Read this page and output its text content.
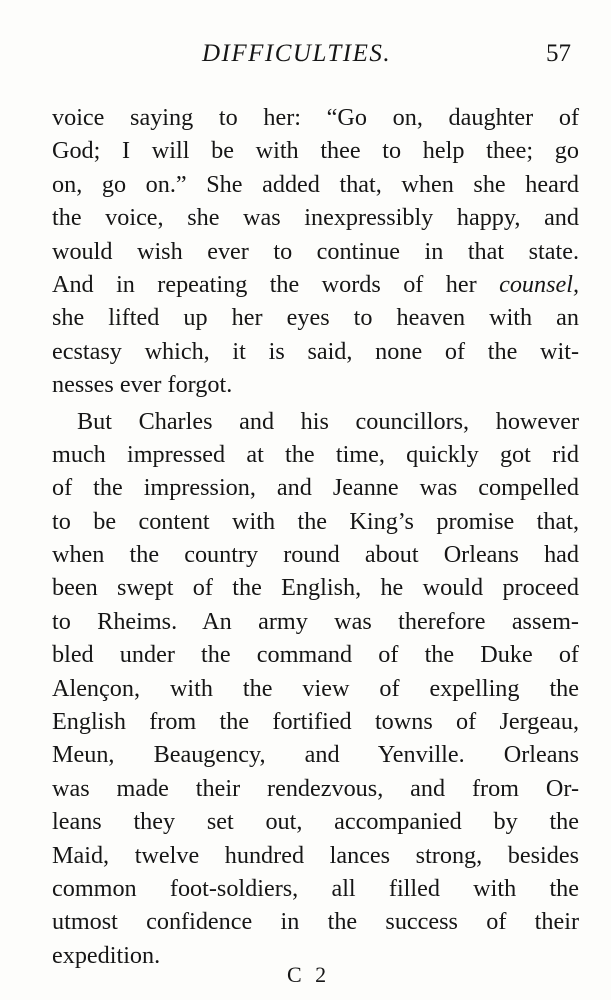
DIFFICULTIES.	57
voice saying to her: “Go on, daughter of
God; I will be with thee to help thee; go
on, go on.” She added that, when she heard
the voice, she was inexpressibly happy, and
would wish ever to continue in that state.
And in repeating the words of her counsel,
she lifted up her eyes to heaven with an
ecstasy which, it is said, none of the wit-
nesses ever forgot.
But Charles and his councillors, however
much impressed at the time, quickly got rid
of the impression, and Jeanne was compelled
to be content with the King’s promise that,
when the country round about Orleans had
been swept of the English, he would proceed
to Rheims. An army was therefore assem-
bled under the command of the Duke of
Alençon, with the view of expelling the
English from the fortified towns of Jergeau,
Meun, Beaugency, and Yenville. Orleans
was made their rendezvous, and from Or-
leans they set out, accompanied by the
Maid, twelve hundred lances strong, besides
common foot-soldiers, all filled with the
utmost confidence in the success of their
expedition.
C 2
